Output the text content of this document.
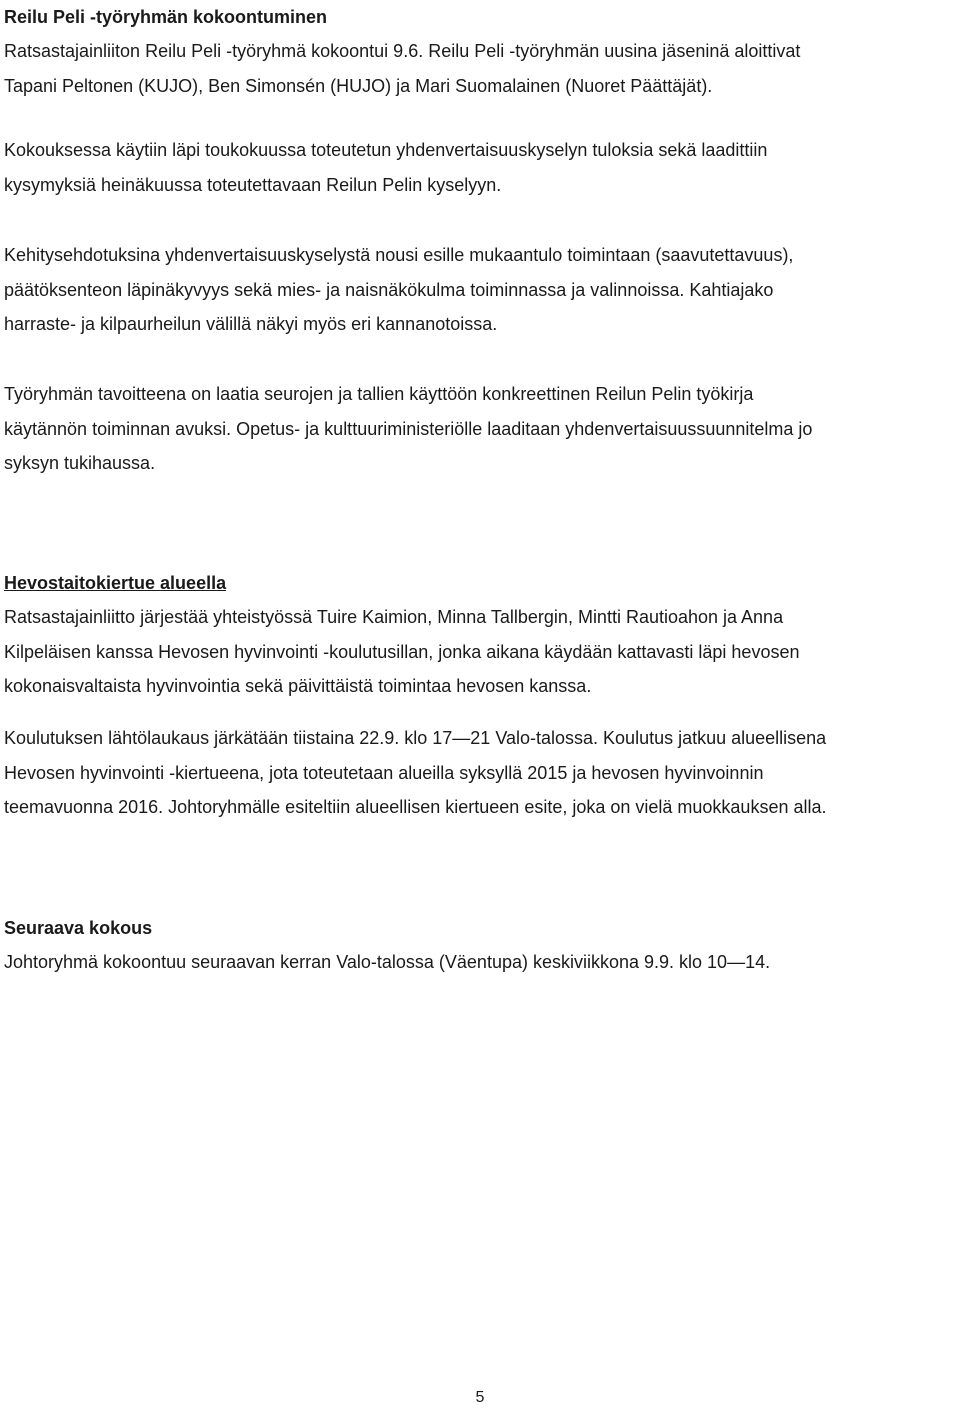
Reilu Peli -työryhmän kokoontuminen

Ratsastajainliiton Reilu Peli -työryhmä kokoontui 9.6. Reilu Peli -työryhmän uusina jäseninä aloittivat
Tapani Peltonen (KUJO), Ben Simonsén (HUJO) ja Mari Suomalainen (Nuoret Päättäjät).

Kokouksessa käytiin läpi toukokuussa toteutetun yhdenvertaisuuskyselyn tuloksia sekä laadittiin
kysymyksiä heinäkuussa toteutettavaan Reilun Pelin kyselyyn.

Kehitysehdotuksina yhdenvertaisuuskyselystä nousi esille mukaantulo toimintaan (saavutettavuus),
päätöksenteon läpinäkyvyys sekä mies- ja naisnäkökulma toiminnassa ja valinnoissa. Kahtiajako
harraste- ja kilpaurheilun välillä näkyi myös eri kannanotoissa.

Työryhmän tavoitteena on laatia seurojen ja tallien käyttöön konkreettinen Reilun Pelin työkirja
käytännön toiminnan avuksi. Opetus- ja kulttuuriministeriölle laaditaan yhdenvertaisuussuunnitelma jo
syksyn tukihaussa.

Hevostaitokiertue alueella

Ratsastajainliitto järjestää yhteistyössä Tuire Kaimion, Minna Tallbergin, Mintti Rautioahon ja Anna
Kilpeläisen kanssa Hevosen hyvinvointi -koulutusillan, jonka aikana käydään kattavasti läpi hevosen
kokonaisvaltaista hyvinvointia sekä päivittäistä toimintaa hevosen kanssa.

Koulutuksen lähtölaukaus järkätään tiistaina 22.9. klo 17—21 Valo-talossa. Koulutus jatkuu alueellisena
Hevosen hyvinvointi -kiertueena, jota toteutetaan alueilla syksyllä 2015 ja hevosen hyvinvoinnin
teemavuonna 2016. Johtoryhmälle esiteltiin alueellisen kiertueen esite, joka on vielä muokkauksen alla.

Seuraava kokous

Johtoryhmä kokoontuu seuraavan kerran Valo-talossa (Väentupa) keskiviikkona 9.9. klo 10—14.

5
